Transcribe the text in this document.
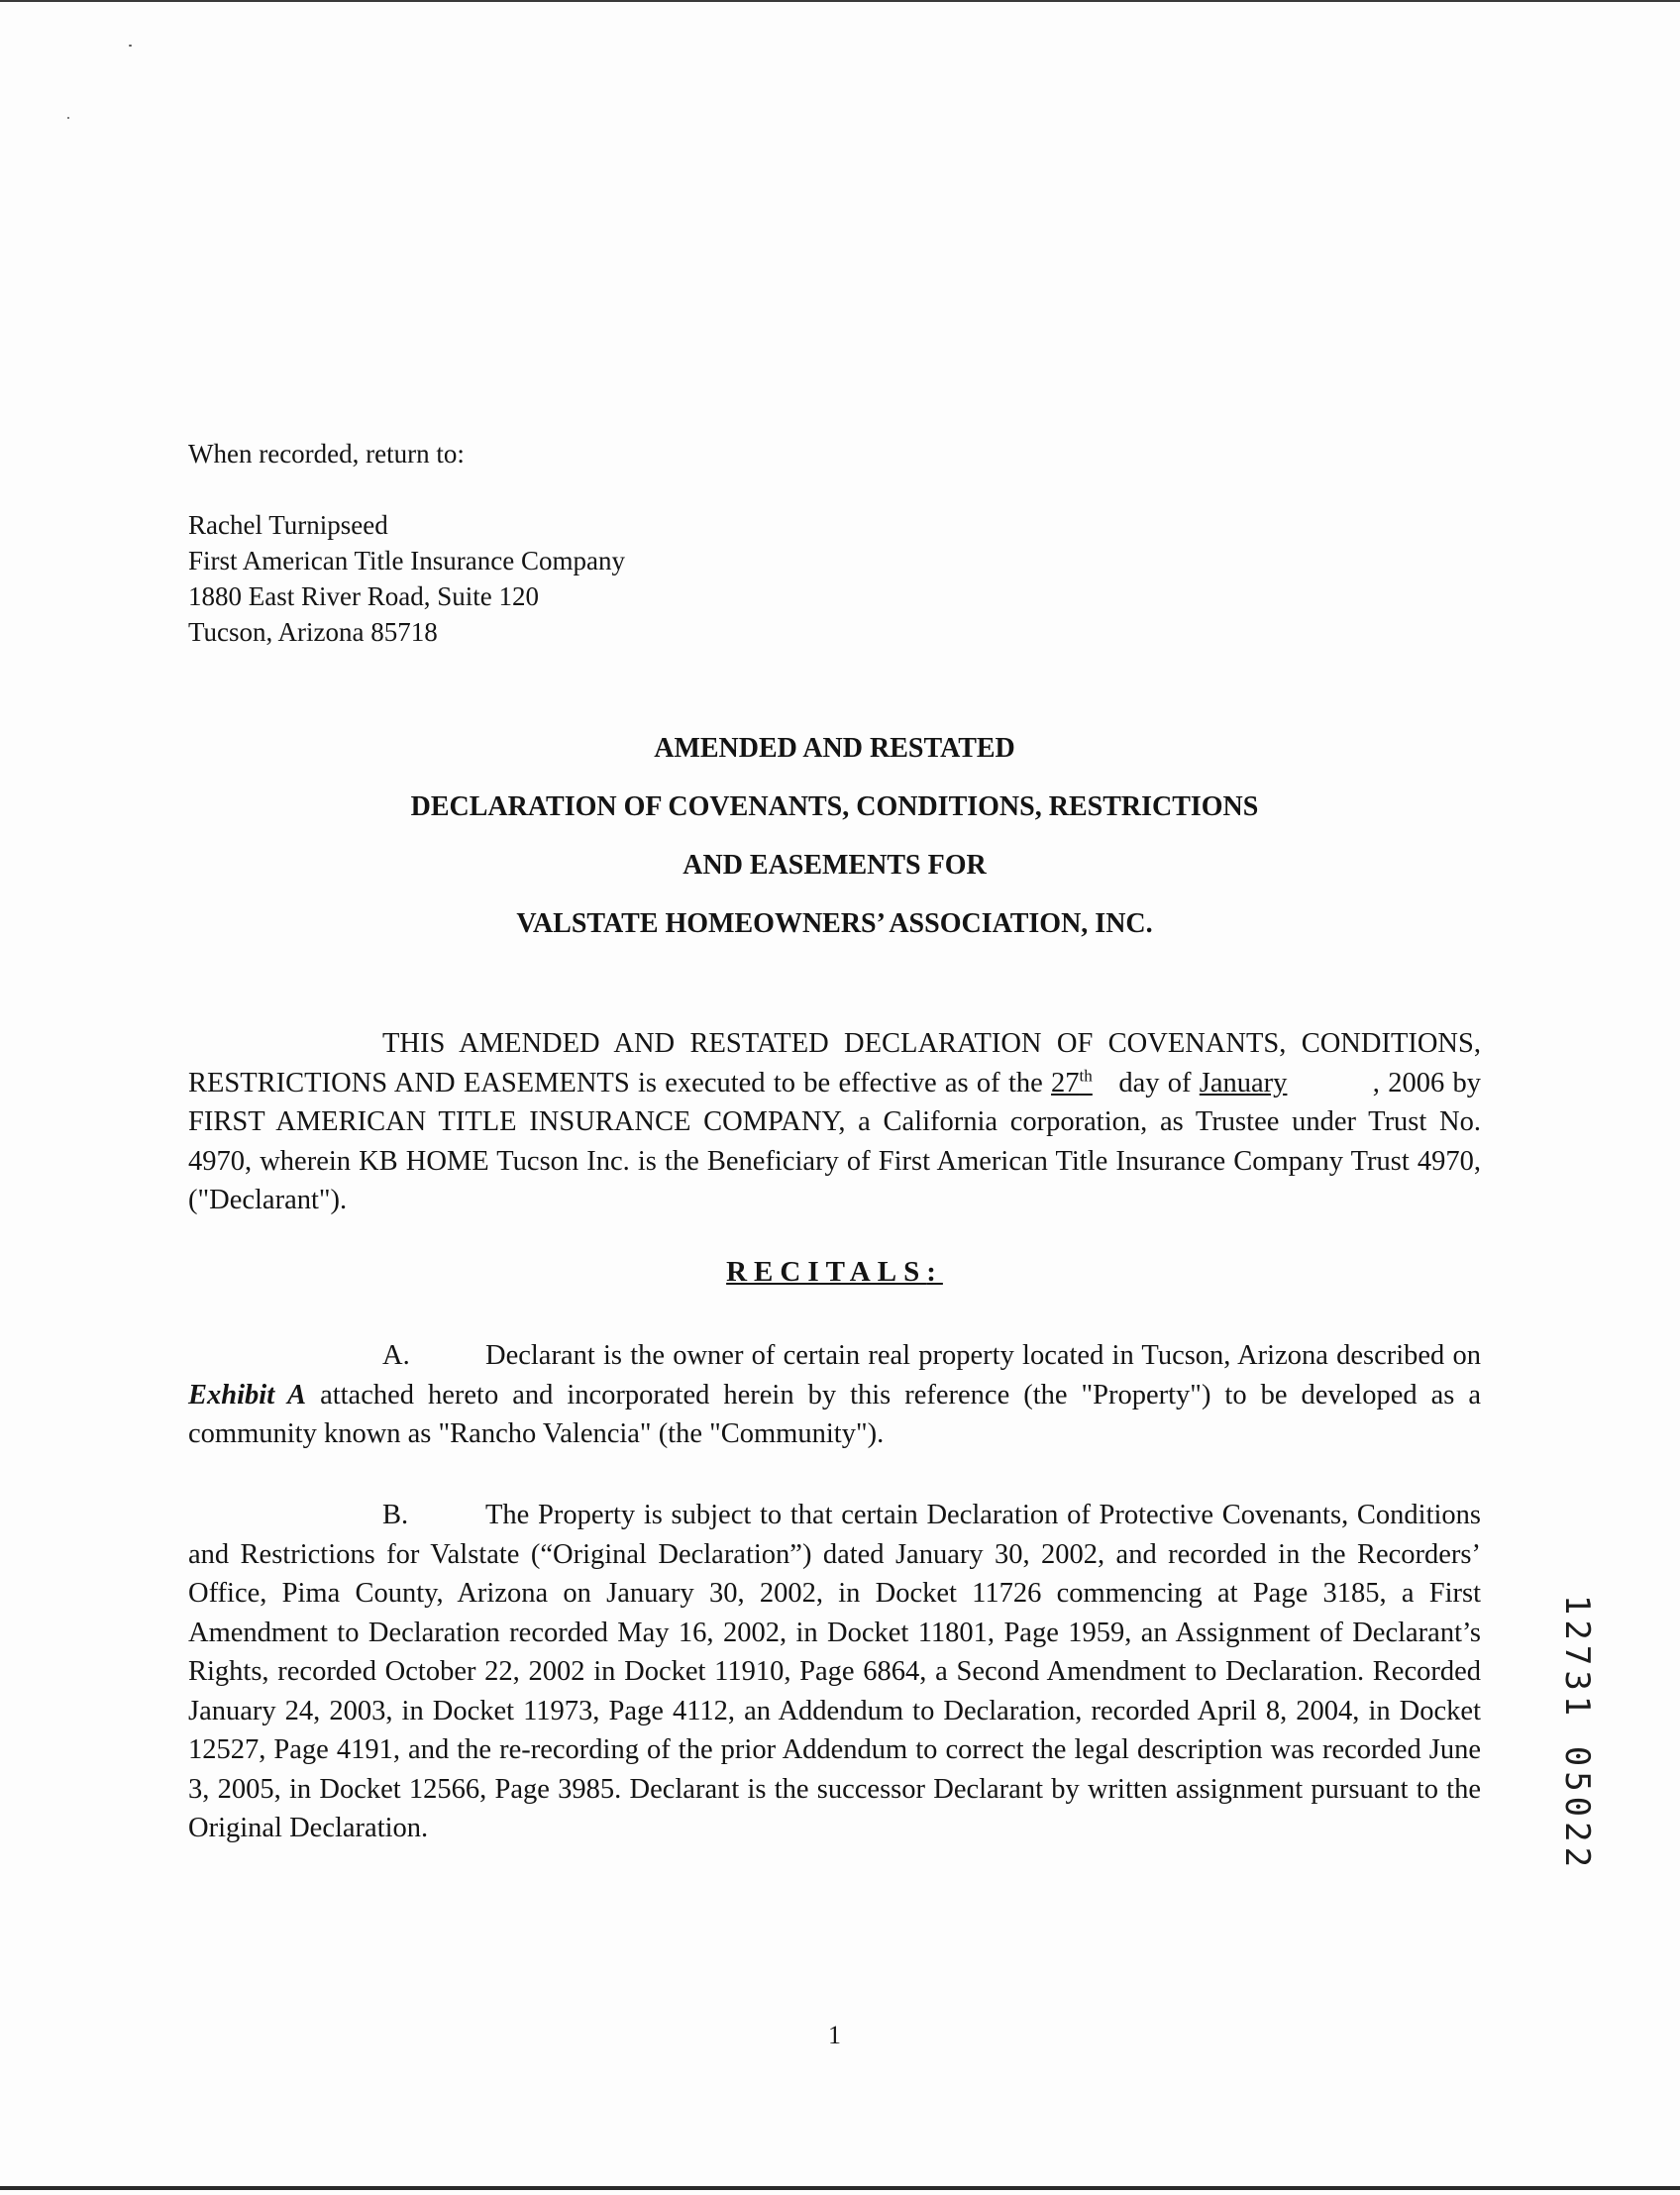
When recorded, return to:
Rachel Turnipseed
First American Title Insurance Company
1880 East River Road, Suite 120
Tucson, Arizona 85718
AMENDED AND RESTATED
DECLARATION OF COVENANTS, CONDITIONS, RESTRICTIONS
AND EASEMENTS FOR
VALSTATE HOMEOWNERS’ ASSOCIATION, INC.
THIS AMENDED AND RESTATED DECLARATION OF COVENANTS, CONDITIONS, RESTRICTIONS AND EASEMENTS is executed to be effective as of the 27th day of January	, 2006 by FIRST AMERICAN TITLE INSURANCE COMPANY, a California corporation, as Trustee under Trust No. 4970, wherein KB HOME Tucson Inc. is the Beneficiary of First American Title Insurance Company Trust 4970, ("Declarant").
RECITALS:
A.	Declarant is the owner of certain real property located in Tucson, Arizona described on Exhibit A attached hereto and incorporated herein by this reference (the "Property") to be developed as a community known as "Rancho Valencia" (the "Community").
B.	The Property is subject to that certain Declaration of Protective Covenants, Conditions and Restrictions for Valstate (“Original Declaration”) dated January 30, 2002, and recorded in the Recorders’ Office, Pima County, Arizona on January 30, 2002, in Docket 11726 commencing at Page 3185, a First Amendment to Declaration recorded May 16, 2002, in Docket 11801, Page 1959, an Assignment of Declarant’s Rights, recorded October 22, 2002 in Docket 11910, Page 6864, a Second Amendment to Declaration. Recorded January 24, 2003, in Docket 11973, Page 4112, an Addendum to Declaration, recorded April 8, 2004, in Docket 12527, Page 4191, and the re-recording of the prior Addendum to correct the legal description was recorded June 3, 2005, in Docket 12566, Page 3985. Declarant is the successor Declarant by written assignment pursuant to the Original Declaration.
1
12731 05022
